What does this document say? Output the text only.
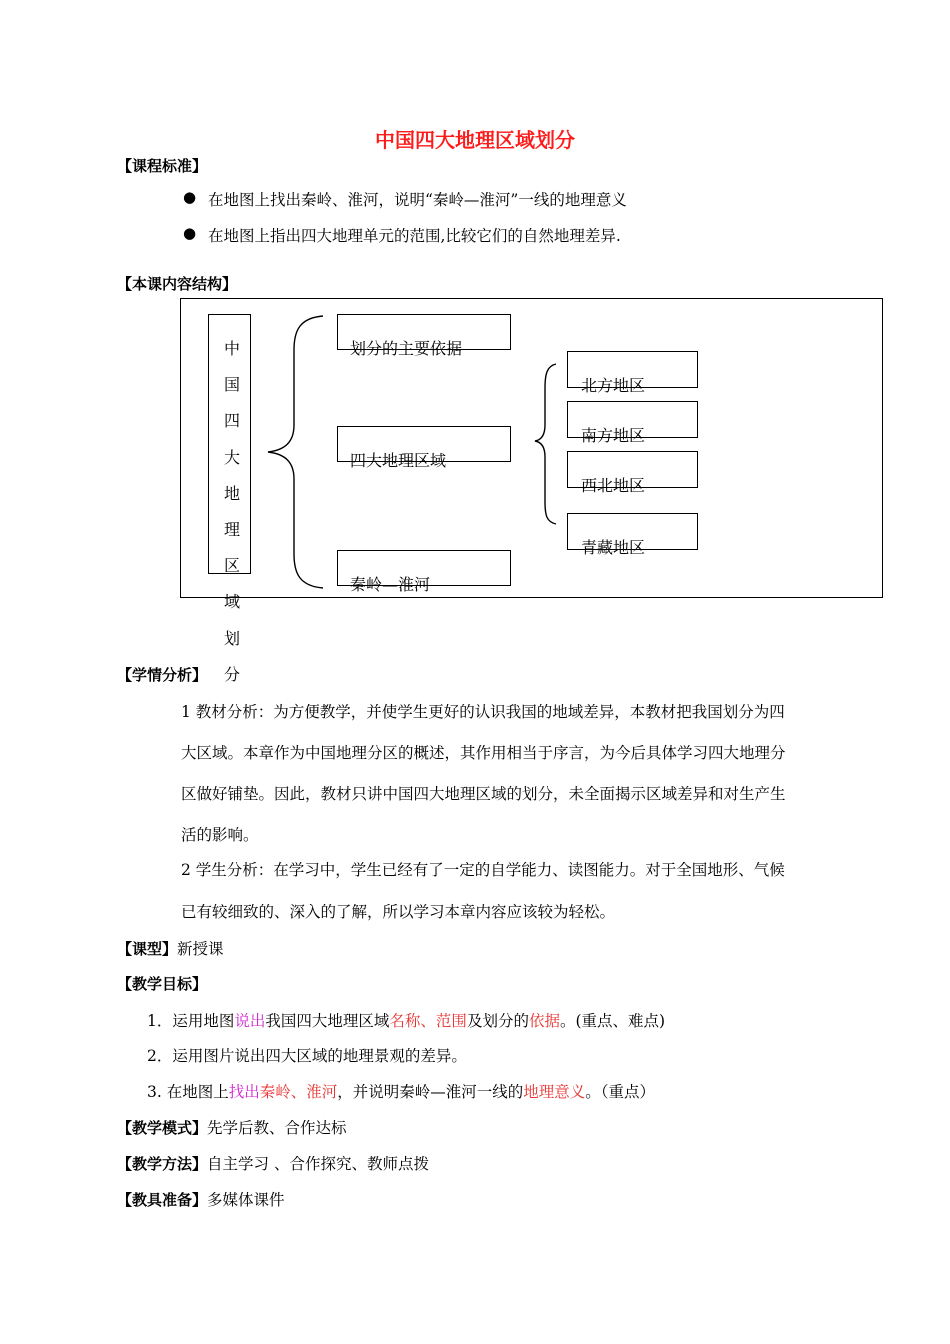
中国四大地理区域划分
【课程标准】
● 在地图上找出秦岭、淮河，说明“秦岭—淮河”一线的地理意义
● 在地图上指出四大地理单元的范围,比较它们的自然地理差异.
【本课内容结构】
中
国
四
大
地
理
区
域
划
分
划分的主要依据
四大地理区域
秦岭—淮河
北方地区
南方地区
西北地区
青藏地区
【学情分析】
1 教材分析：为方便教学，并使学生更好的认识我国的地域差异，本教材把我国划分为四
大区域。本章作为中国地理分区的概述，其作用相当于序言，为今后具体学习四大地理分
区做好铺垫。因此，教材只讲中国四大地理区域的划分，未全面揭示区域差异和对生产生
活的影响。
2 学生分析：在学习中，学生已经有了一定的自学能力、读图能力。对于全国地形、气候
已有较细致的、深入的了解，所以学习本章内容应该较为轻松。
【课型】新授课
【教学目标】
1．运用地图说出我国四大地理区域名称、范围及划分的依据。(重点、难点)
2．运用图片说出四大区域的地理景观的差异。
3. 在地图上找出秦岭、淮河，并说明秦岭—淮河一线的地理意义。（重点）
【教学模式】先学后教、合作达标
【教学方法】自主学习 、合作探究、教师点拨
【教具准备】多媒体课件
